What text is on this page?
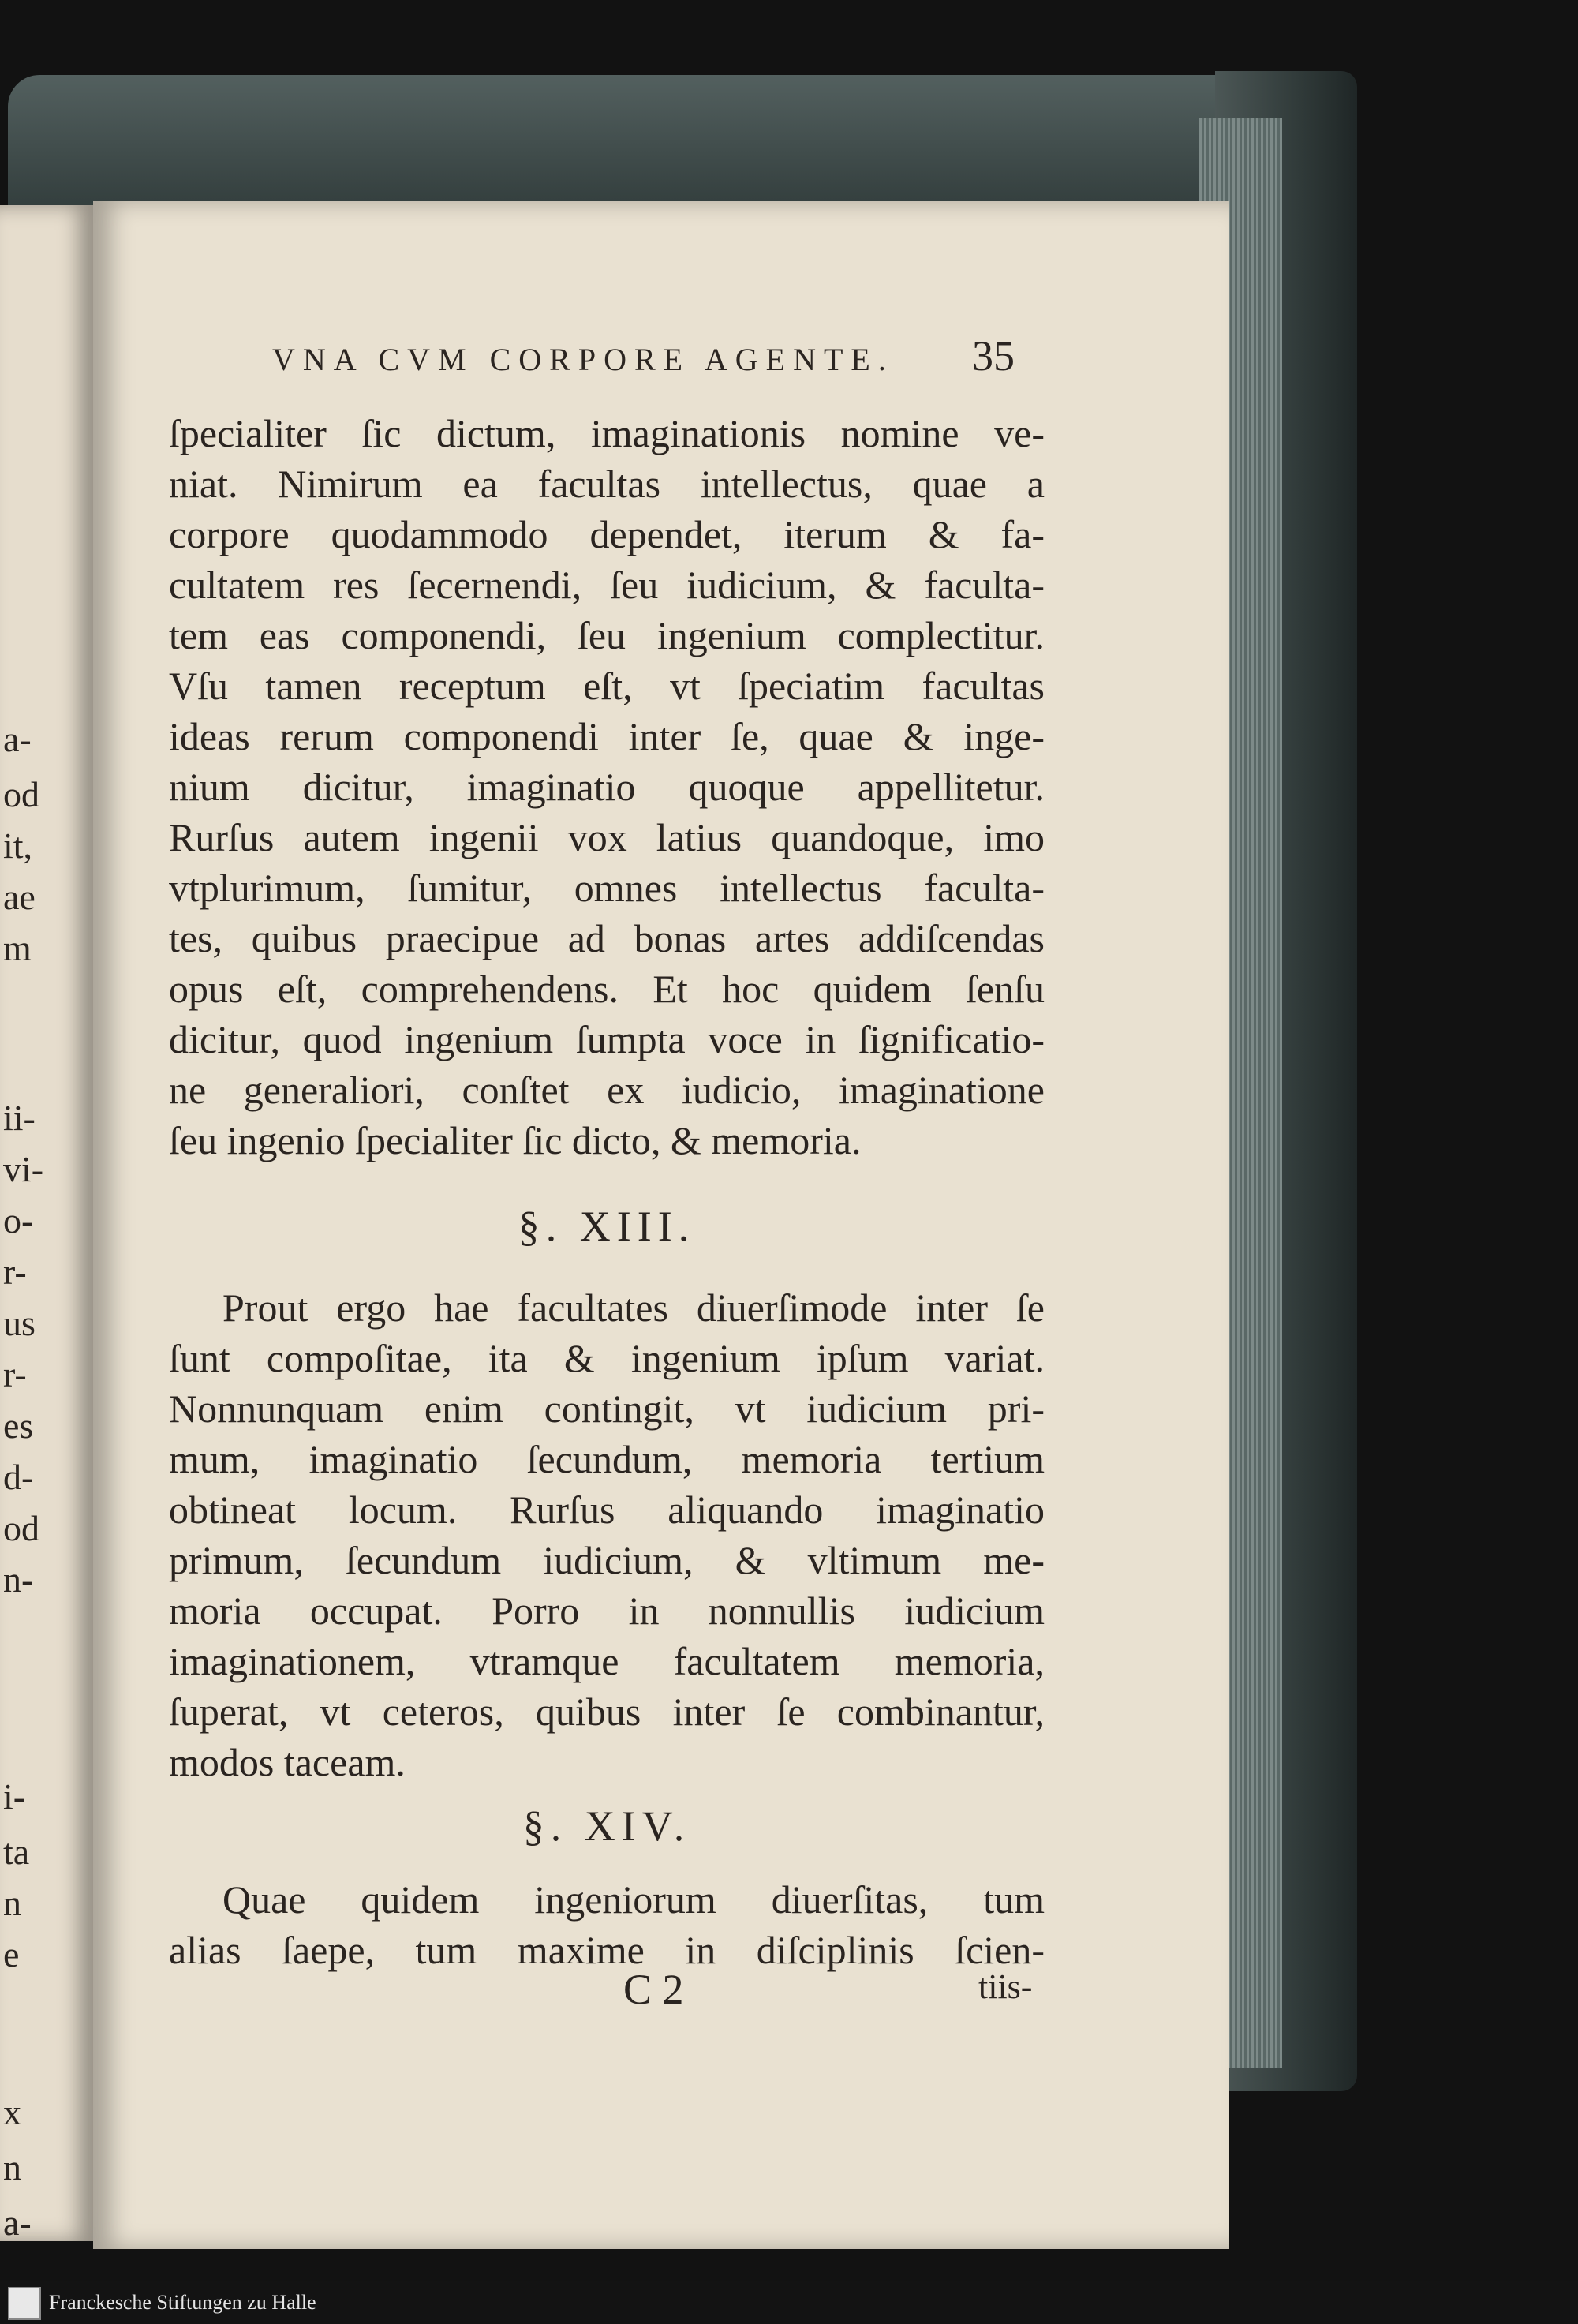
a-
od
it,
ae
m
ii-
vi-
o-
r-
us
r-
es
d-
od
n-
i-
ta
n
e
x
n
a-
VNA CVM CORPORE AGENTE.	35
ſpecialiter ſic dictum, imaginationis nomine ve-
niat. Nimirum ea facultas intellectus, quae a
corpore quodammodo dependet, iterum & fa-
cultatem res ſecernendi, ſeu iudicium, & faculta-
tem eas componendi, ſeu ingenium complectitur.
Vſu tamen receptum eſt, vt ſpeciatim facultas
ideas rerum componendi inter ſe, quae & inge-
nium dicitur, imaginatio quoque appellitetur.
Rurſus autem ingenii vox latius quandoque, imo
vtplurimum, ſumitur, omnes intellectus faculta-
tes, quibus praecipue ad bonas artes addiſcendas
opus eſt, comprehendens. Et hoc quidem ſenſu
dicitur, quod ingenium ſumpta voce in ſignificatio-
ne generaliori, conſtet ex iudicio, imaginatione
ſeu ingenio ſpecialiter ſic dicto, & memoria.
§. XIII.
Prout ergo hae facultates diuerſimode inter ſe
ſunt compoſitae, ita & ingenium ipſum variat.
Nonnunquam enim contingit, vt iudicium pri-
mum, imaginatio ſecundum, memoria tertium
obtineat locum. Rurſus aliquando imaginatio
primum, ſecundum iudicium, & vltimum me-
moria occupat. Porro in nonnullis iudicium
imaginationem, vtramque facultatem memoria,
ſuperat, vt ceteros, quibus inter ſe combinantur,
modos taceam.
§. XIV.
Quae quidem ingeniorum diuerſitas, tum
alias ſaepe, tum maxime in diſciplinis ſcien-
C 2	tiis-
Franckesche Stiftungen zu Halle
